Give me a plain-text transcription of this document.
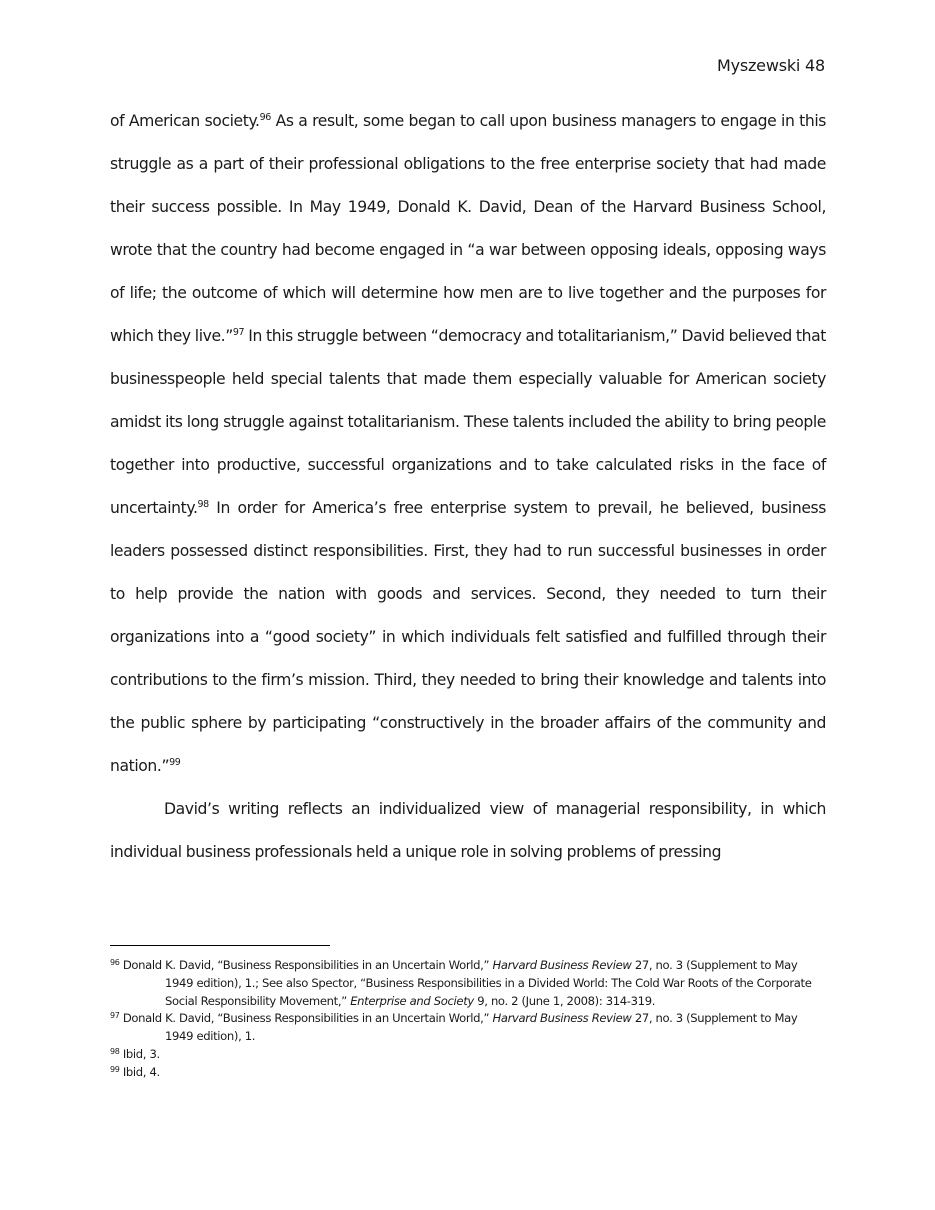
Myszewski 48

of American society.$^{96}$ As a result, some began to call upon business managers to engage in this struggle as a part of their professional obligations to the free enterprise society that had made their success possible. In May 1949, Donald K. David, Dean of the Harvard Business School, wrote that the country had become engaged in “a war between opposing ideals, opposing ways of life; the outcome of which will determine how men are to live together and the purposes for which they live.”$^{97}$ In this struggle between “democracy and totalitarianism,” David believed that businesspeople held special talents that made them especially valuable for American society amidst its long struggle against totalitarianism. These talents included the ability to bring people together into productive, successful organizations and to take calculated risks in the face of uncertainty.$^{98}$ In order for America’s free enterprise system to prevail, he believed, business leaders possessed distinct responsibilities. First, they had to run successful businesses in order to help provide the nation with goods and services. Second, they needed to turn their organizations into a “good society” in which individuals felt satisfied and fulfilled through their contributions to the firm’s mission. Third, they needed to bring their knowledge and talents into the public sphere by participating “constructively in the broader affairs of the community and nation.”$^{99}$

David’s writing reflects an individualized view of managerial responsibility, in which individual business professionals held a unique role in solving problems of pressing

$^{96}$ Donald K. David, “Business Responsibilities in an Uncertain World,” Harvard Business Review 27, no. 3 (Supplement to May 1949 edition), 1.; See also Spector, “Business Responsibilities in a Divided World: The Cold War Roots of the Corporate Social Responsibility Movement,” Enterprise and Society 9, no. 2 (June 1, 2008): 314-319.

$^{97}$ Donald K. David, “Business Responsibilities in an Uncertain World,” Harvard Business Review 27, no. 3 (Supplement to May 1949 edition), 1.

$^{98}$ Ibid, 3.

$^{99}$ Ibid, 4.
